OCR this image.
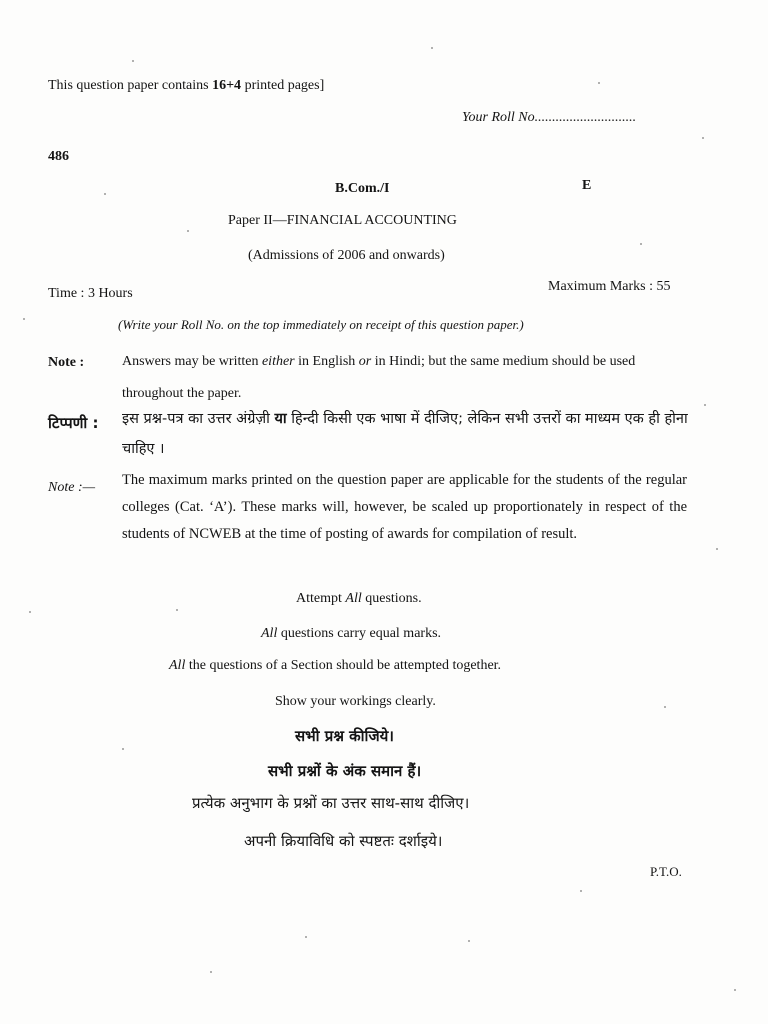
This question paper contains 16+4 printed pages]
Your Roll No.............................
486
B.Com./I	E
Paper II—FINANCIAL ACCOUNTING
(Admissions of 2006 and onwards)
Time : 3 Hours	Maximum Marks : 55
(Write your Roll No. on the top immediately on receipt of this question paper.)
Note :	Answers may be written either in English or in Hindi; but the same medium should be used throughout the paper.
टिप्पणी : इस प्रश्न-पत्र का उत्तर अंग्रेज़ी या हिन्दी किसी एक भाषा में दीजिए; लेकिन सभी उत्तरों का माध्यम एक ही होना चाहिए ।
Note :— The maximum marks printed on the question paper are applicable for the students of the regular colleges (Cat. ‘A’). These marks will, however, be scaled up proportionately in respect of the students of NCWEB at the time of posting of awards for compilation of result.
Attempt All questions.
All questions carry equal marks.
All the questions of a Section should be attempted together.
Show your workings clearly.
सभी प्रश्न कीजिये।
सभी प्रश्नों के अंक समान हैं।
प्रत्येक अनुभाग के प्रश्नों का उत्तर साथ-साथ दीजिए।
अपनी क्रियाविधि को स्पष्टतः दर्शाइये।
P.T.O.
